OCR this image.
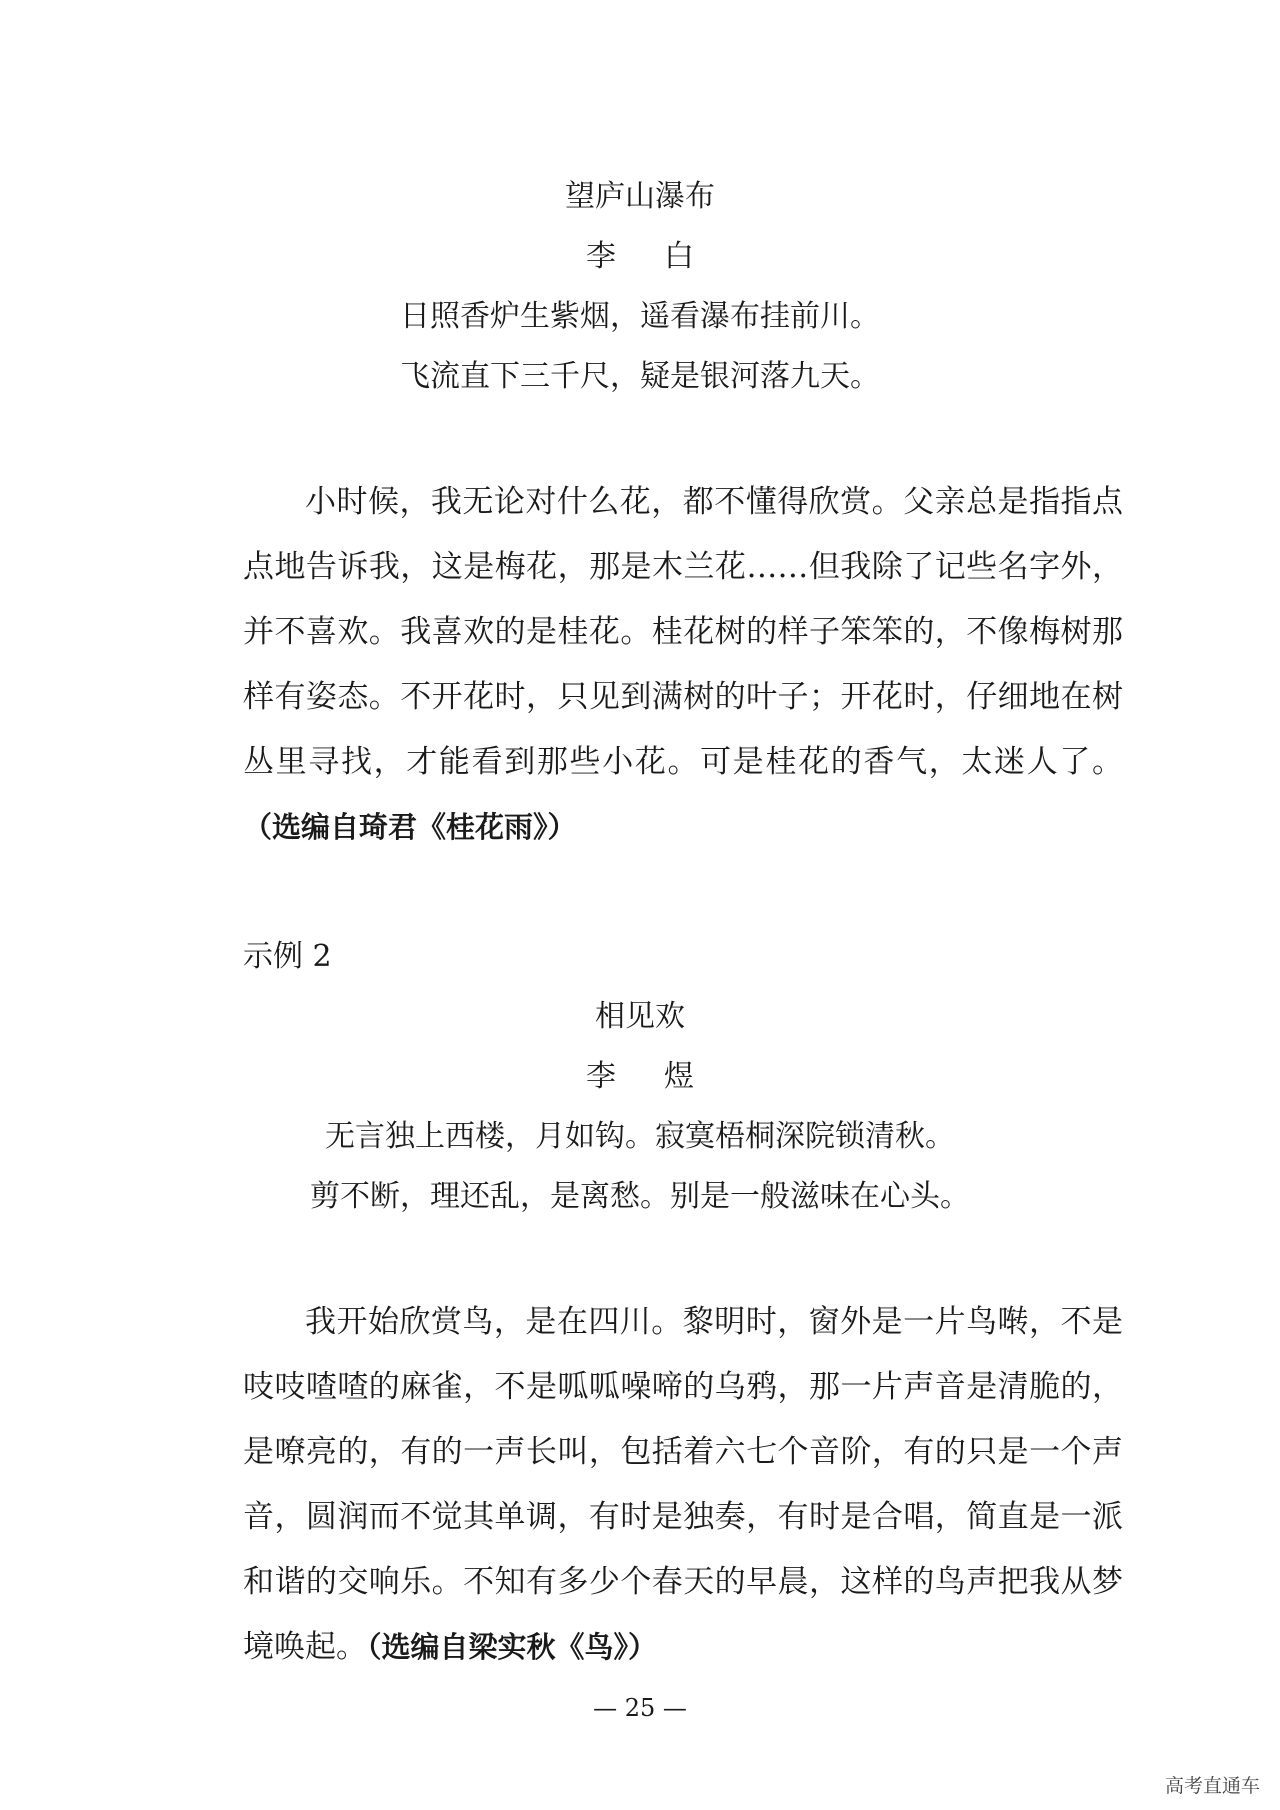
望庐山瀑布
李 白
日照香炉生紫烟，遥看瀑布挂前川。
飞流直下三千尺，疑是银河落九天。

小时候，我无论对什么花，都不懂得欣赏。父亲总是指指点点地告诉我，这是梅花，那是木兰花……但我除了记些名字外，并不喜欢。我喜欢的是桂花。桂花树的样子笨笨的，不像梅树那样有姿态。不开花时，只见到满树的叶子；开花时，仔细地在树丛里寻找，才能看到那些小花。可是桂花的香气，太迷人了。（选编自琦君《桂花雨》）

示例 2
相见欢
李 煜
无言独上西楼，月如钩。寂寞梧桐深院锁清秋。
剪不断，理还乱，是离愁。别是一般滋味在心头。

我开始欣赏鸟，是在四川。黎明时，窗外是一片鸟啭，不是吱吱喳喳的麻雀，不是呱呱噪啼的乌鸦，那一片声音是清脆的，是嘹亮的，有的一声长叫，包括着六七个音阶，有的只是一个声音，圆润而不觉其单调，有时是独奏，有时是合唱，简直是一派和谐的交响乐。不知有多少个春天的早晨，这样的鸟声把我从梦境唤起。（选编自梁实秋《鸟》）

— 25 —
高考直通车
